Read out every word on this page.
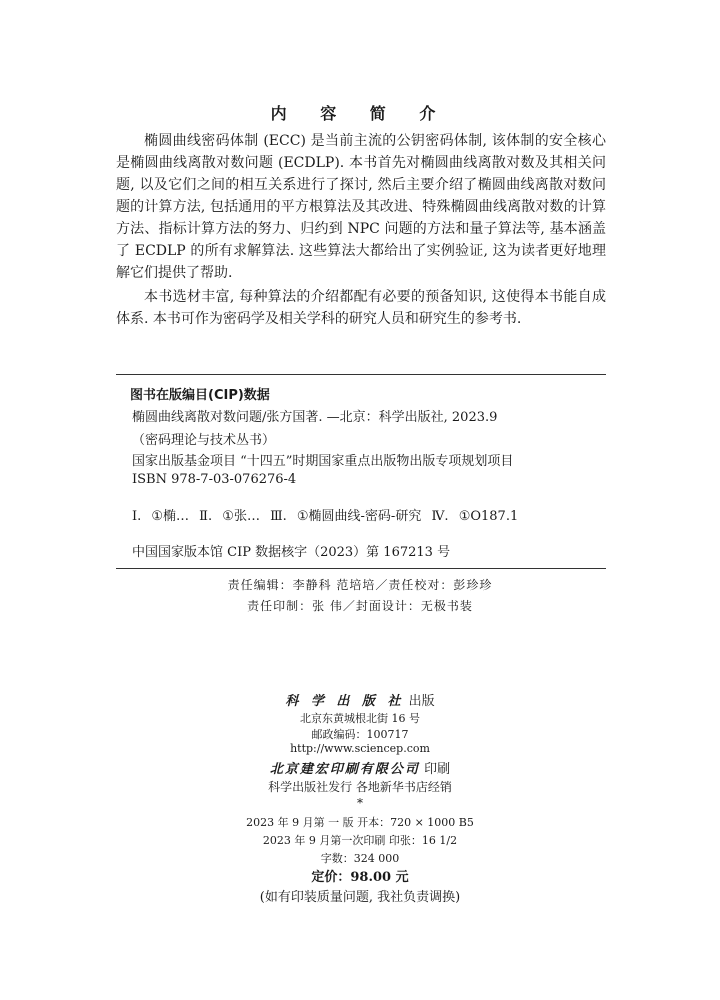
内 容 简 介

椭圆曲线密码体制 (ECC) 是当前主流的公钥密码体制, 该体制的安全核心是椭圆曲线离散对数问题 (ECDLP). 本书首先对椭圆曲线离散对数及其相关问题, 以及它们之间的相互关系进行了探讨, 然后主要介绍了椭圆曲线离散对数问题的计算方法, 包括通用的平方根算法及其改进、特殊椭圆曲线离散对数的计算方法、指标计算方法的努力、归约到 NPC 问题的方法和量子算法等, 基本涵盖了 ECDLP 的所有求解算法. 这些算法大都给出了实例验证, 这为读者更好地理解它们提供了帮助.

本书选材丰富, 每种算法的介绍都配有必要的预备知识, 这使得本书能自成体系. 本书可作为密码学及相关学科的研究人员和研究生的参考书.

图书在版编目(CIP)数据
椭圆曲线离散对数问题/张方国著. —北京：科学出版社, 2023.9
（密码理论与技术丛书）
国家出版基金项目 “十四五”时期国家重点出版物出版专项规划项目
ISBN 978-7-03-076276-4
Ⅰ. ①椭… Ⅱ. ①张… Ⅲ. ①椭圆曲线-密码-研究 Ⅳ. ①O187.1
中国国家版本馆 CIP 数据核字（2023）第 167213 号
责任编辑：李静科 范培培／责任校对：彭珍珍
责任印制：张 伟／封面设计：无极书装
科 学 出 版 社 出版
北京东黄城根北街 16 号
邮政编码：100717
http://www.sciencep.com
北京建宏印刷有限公司 印刷
科学出版社发行 各地新华书店经销
*
2023 年 9 月第 一 版 开本：720 × 1000 B5
2023 年 9 月第一次印刷 印张：16 1/2
字数：324 000
定价：98.00 元
(如有印装质量问题, 我社负责调换)
